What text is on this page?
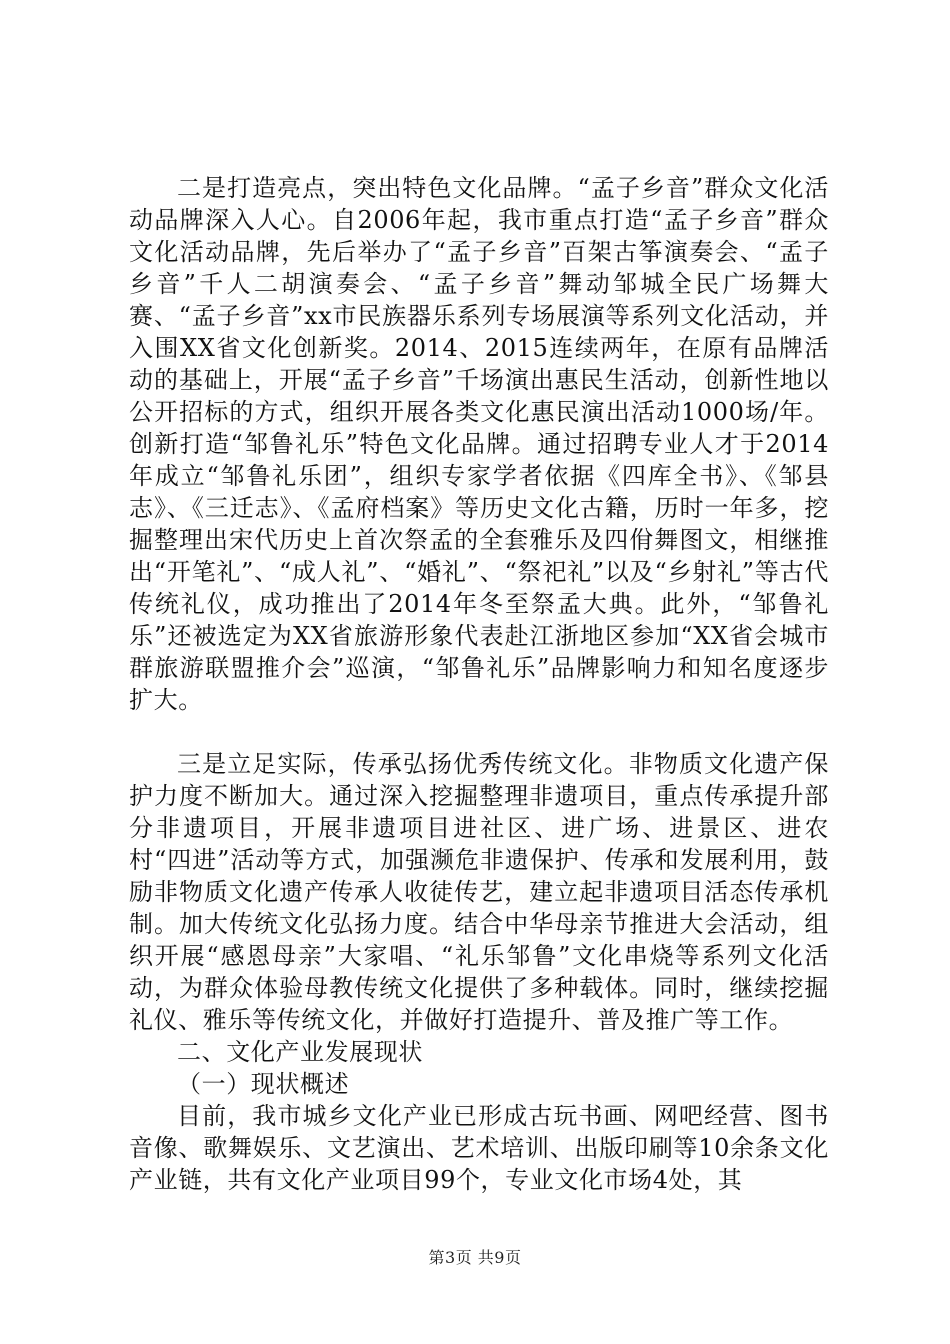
二是打造亮点，突出特色文化品牌。“孟子乡音”群众文化活动品牌深入人心。自2006年起，我市重点打造“孟子乡音”群众文化活动品牌，先后举办了“孟子乡音”百架古筝演奏会、“孟子乡音”千人二胡演奏会、“孟子乡音”舞动邹城全民广场舞大赛、“孟子乡音”xx市民族器乐系列专场展演等系列文化活动，并入围XX省文化创新奖。2014、2015连续两年，在原有品牌活动的基础上，开展“孟子乡音”千场演出惠民生活动，创新性地以公开招标的方式，组织开展各类文化惠民演出活动1000场/年。创新打造“邹鲁礼乐”特色文化品牌。通过招聘专业人才于2014年成立“邹鲁礼乐团”，组织专家学者依据《四库全书》、《邹县志》、《三迁志》、《孟府档案》等历史文化古籍，历时一年多，挖掘整理出宋代历史上首次祭孟的全套雅乐及四佾舞图文，相继推出“开笔礼”、“成人礼”、“婚礼”、“祭祀礼”以及“乡射礼”等古代传统礼仪，成功推出了2014年冬至祭孟大典。此外，“邹鲁礼乐”还被选定为XX省旅游形象代表赴江浙地区参加“XX省会城市群旅游联盟推介会”巡演，“邹鲁礼乐”品牌影响力和知名度逐步扩大。

三是立足实际，传承弘扬优秀传统文化。非物质文化遗产保护力度不断加大。通过深入挖掘整理非遗项目，重点传承提升部分非遗项目，开展非遗项目进社区、进广场、进景区、进农村“四进”活动等方式，加强濒危非遗保护、传承和发展利用，鼓励非物质文化遗产传承人收徒传艺，建立起非遗项目活态传承机制。加大传统文化弘扬力度。结合中华母亲节推进大会活动，组织开展“感恩母亲”大家唱、“礼乐邹鲁”文化串烧等系列文化活动，为群众体验母教传统文化提供了多种载体。同时，继续挖掘礼仪、雅乐等传统文化，并做好打造提升、普及推广等工作。

二、文化产业发展现状

（一）现状概述

目前，我市城乡文化产业已形成古玩书画、网吧经营、图书音像、歌舞娱乐、文艺演出、艺术培训、出版印刷等10余条文化产业链，共有文化产业项目99个，专业文化市场4处，其

第3页 共9页
